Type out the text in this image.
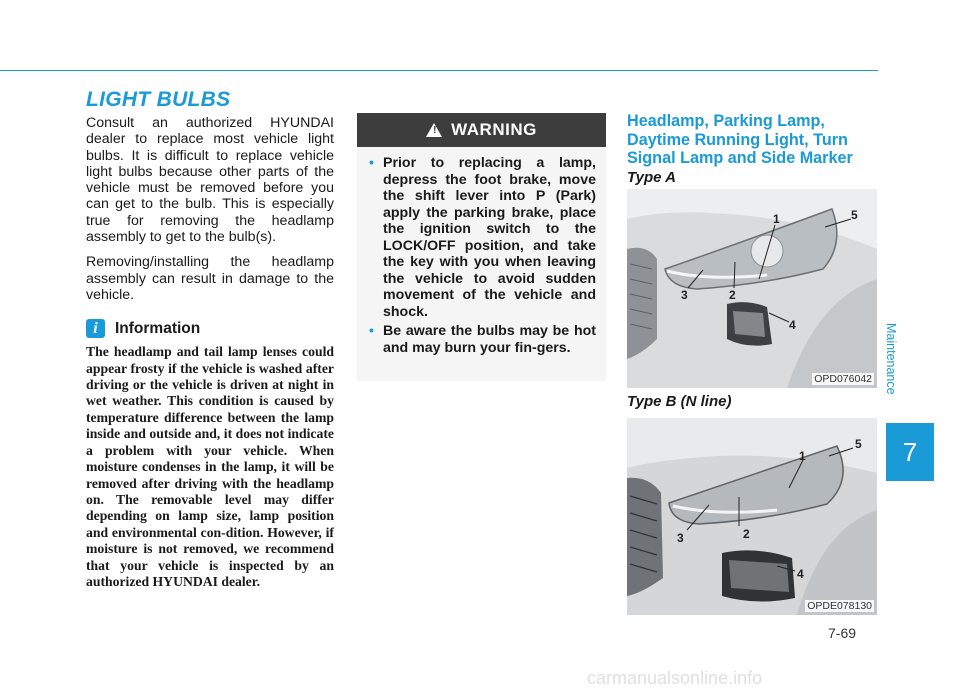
LIGHT BULBS

Consult an authorized HYUNDAI dealer to replace most vehicle light bulbs. It is difficult to replace vehicle light bulbs because other parts of the vehicle must be removed before you can get to the bulb. This is especially true for removing the headlamp assembly to get to the bulb(s).

Removing/installing the headlamp assembly can result in damage to the vehicle.

i	Information

The headlamp and tail lamp lenses could appear frosty if the vehicle is washed after driving or the vehicle is driven at night in wet weather. This condition is caused by temperature difference between the lamp inside and outside and, it does not indicate a problem with your vehicle. When moisture condenses in the lamp, it will be removed after driving with the headlamp on. The removable level may differ depending on lamp size, lamp position and environmental con-dition. However, if moisture is not removed, we recommend that your vehicle is inspected by an authorized HYUNDAI dealer.

! WARNING
• Prior to replacing a lamp, depress the foot brake, move the shift lever into P (Park) apply the parking brake, place the ignition switch to the LOCK/OFF position, and take the key with you when leaving the vehicle to avoid sudden movement of the vehicle and shock.
• Be aware the bulbs may be hot and may burn your fin-gers.
Headlamp, Parking Lamp, Daytime Running Light, Turn Signal Lamp and Side Marker

Type A

1
2
3
4
5
OPD076042

Type B (N line)

1
2
3
4
5
OPDE078130
Maintenance
7
7-69
carmanualsonline.info
